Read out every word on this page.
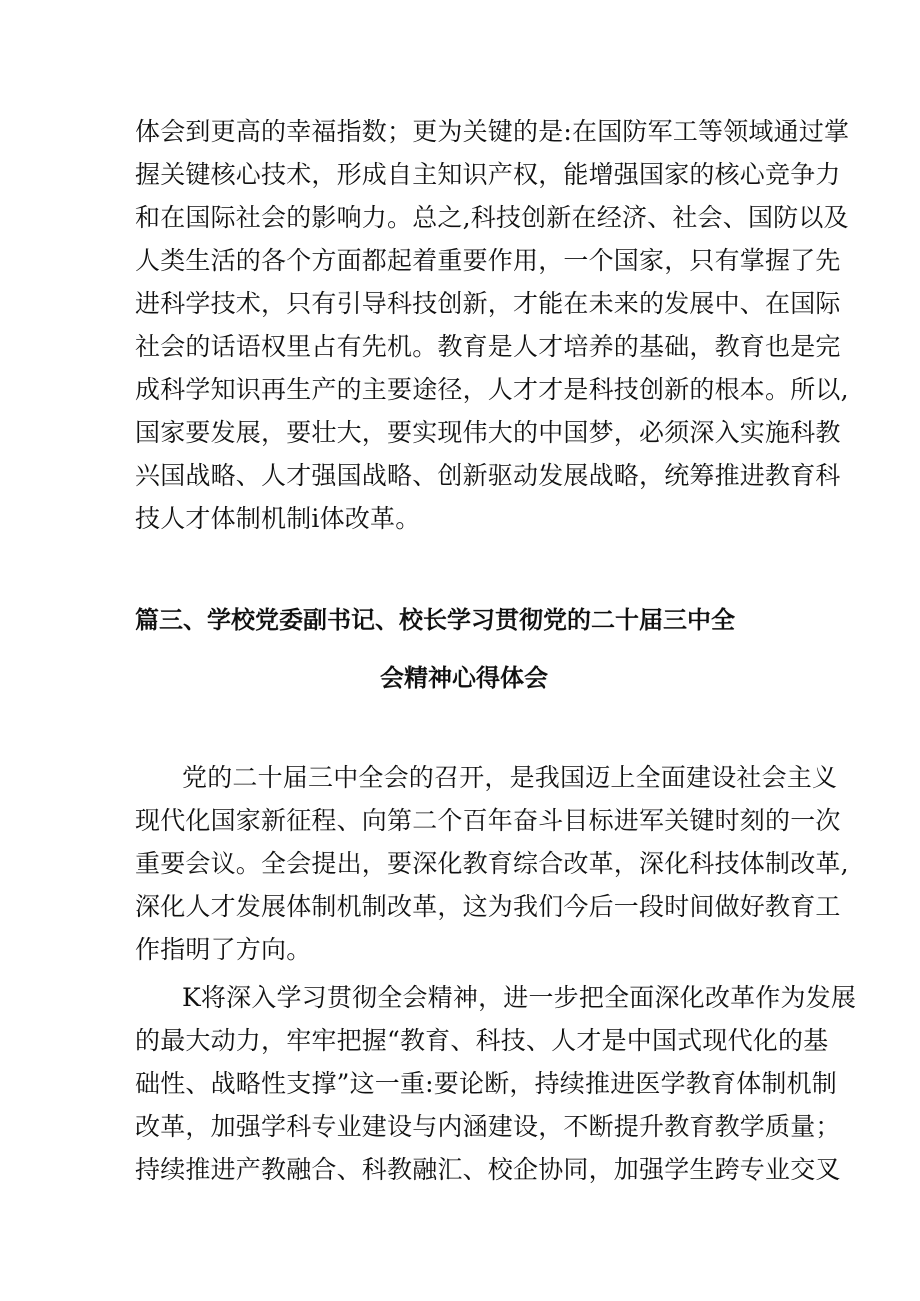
体会到更高的幸福指数；更为关键的是:在国防军工等领域通过掌
握关键核心技术，形成自主知识产权，能增强国家的核心竞争力
和在国际社会的影响力。总之,科技创新在经济、社会、国防以及
人类生活的各个方面都起着重要作用，一个国家，只有掌握了先
进科学技术，只有引导科技创新，才能在未来的发展中、在国际
社会的话语权里占有先机。教育是人才培养的基础，教育也是完
成科学知识再生产的主要途径，人才才是科技创新的根本。所以,
国家要发展，要壮大，要实现伟大的中国梦，必须深入实施科教
兴国战略、人才强国战略、创新驱动发展战略，统筹推进教育科
技人才体制机制i体改革。
篇三、学校党委副书记、校长学习贯彻党的二十届三中全
会精神心得体会
党的二十届三中全会的召开，是我国迈上全面建设社会主义
现代化国家新征程、向第二个百年奋斗目标进军关键时刻的一次
重要会议。全会提出，要深化教育综合改革，深化科技体制改革,
深化人才发展体制机制改革，这为我们今后一段时间做好教育工
作指明了方向。
K将深入学习贯彻全会精神，进一步把全面深化改革作为发展
的最大动力，牢牢把握“教育、科技、人才是中国式现代化的基
础性、战略性支撑”这一重:要论断，持续推进医学教育体制机制
改革，加强学科专业建设与内涵建设，不断提升教育教学质量；
持续推进产教融合、科教融汇、校企协同，加强学生跨专业交叉
